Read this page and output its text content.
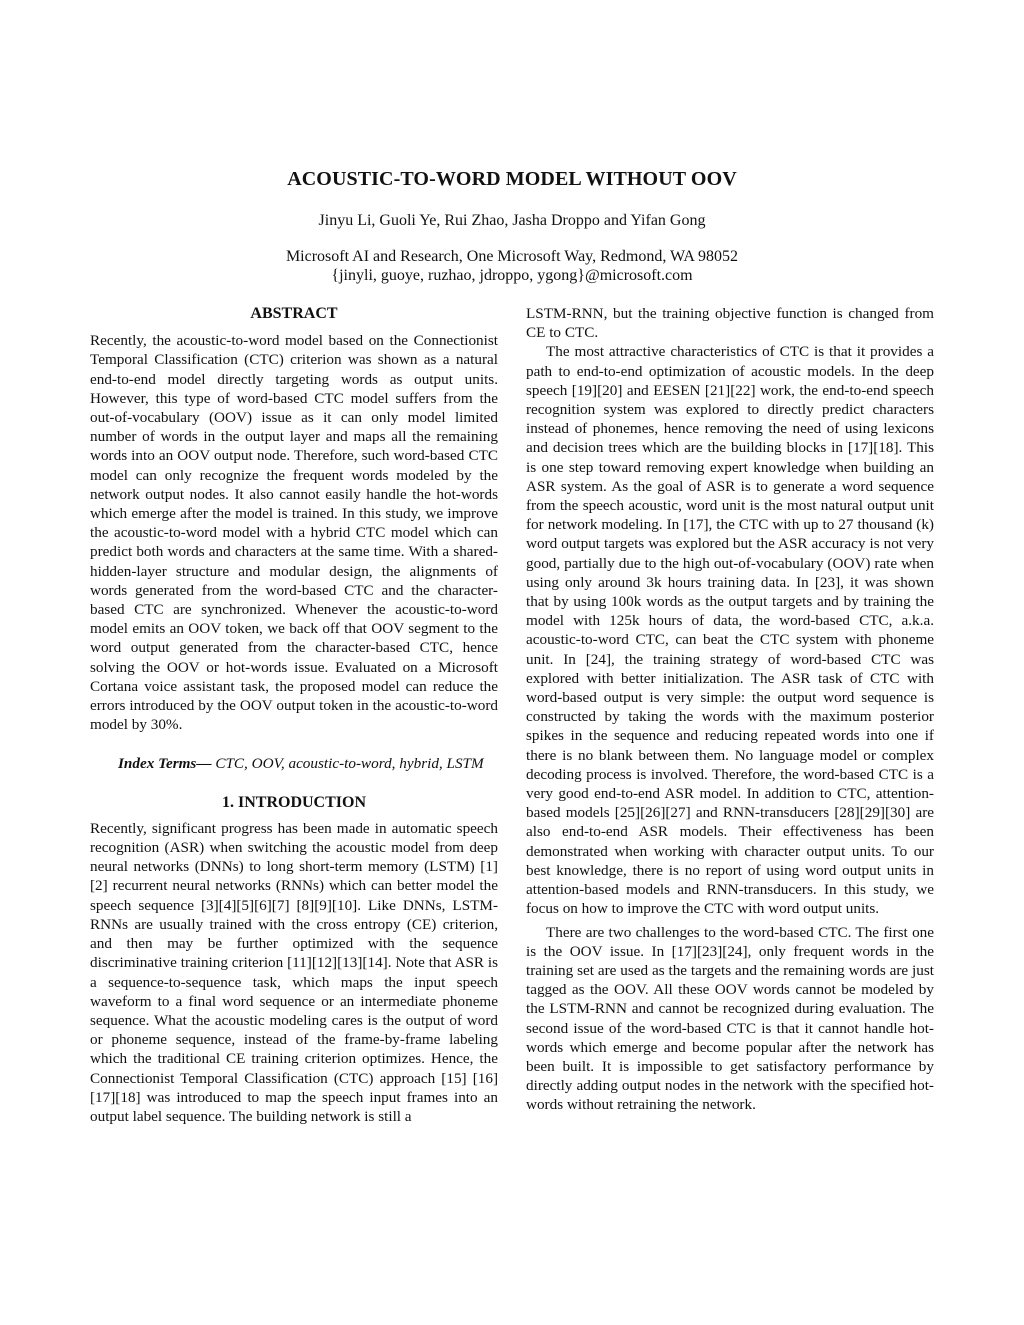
ACOUSTIC-TO-WORD MODEL WITHOUT OOV
Jinyu Li, Guoli Ye, Rui Zhao, Jasha Droppo and Yifan Gong
Microsoft AI and Research, One Microsoft Way, Redmond, WA 98052
{jinyli, guoye, ruzhao, jdroppo, ygong}@microsoft.com
ABSTRACT

Recently, the acoustic-to-word model based on the Connectionist Temporal Classification (CTC) criterion was shown as a natural end-to-end model directly targeting words as output units. However, this type of word-based CTC model suffers from the out-of-vocabulary (OOV) issue as it can only model limited number of words in the output layer and maps all the remaining words into an OOV output node. Therefore, such word-based CTC model can only recognize the frequent words modeled by the network output nodes. It also cannot easily handle the hot-words which emerge after the model is trained. In this study, we improve the acoustic-to-word model with a hybrid CTC model which can predict both words and characters at the same time. With a shared-hidden-layer structure and modular design, the alignments of words generated from the word-based CTC and the character-based CTC are synchronized. Whenever the acoustic-to-word model emits an OOV token, we back off that OOV segment to the word output generated from the character-based CTC, hence solving the OOV or hot-words issue. Evaluated on a Microsoft Cortana voice assistant task, the proposed model can reduce the errors introduced by the OOV output token in the acoustic-to-word model by 30%.

Index Terms— CTC, OOV, acoustic-to-word, hybrid, LSTM

1. INTRODUCTION

Recently, significant progress has been made in automatic speech recognition (ASR) when switching the acoustic model from deep neural networks (DNNs) to long short-term memory (LSTM) [1][2] recurrent neural networks (RNNs) which can better model the speech sequence [3][4][5][6][7] [8][9][10]. Like DNNs, LSTM-RNNs are usually trained with the cross entropy (CE) criterion, and then may be further optimized with the sequence discriminative training criterion [11][12][13][14]. Note that ASR is a sequence-to-sequence task, which maps the input speech waveform to a final word sequence or an intermediate phoneme sequence. What the acoustic modeling cares is the output of word or phoneme sequence, instead of the frame-by-frame labeling which the traditional CE training criterion optimizes. Hence, the Connectionist Temporal Classification (CTC) approach [15] [16][17][18] was introduced to map the speech input frames into an output label sequence. The building network is still a

LSTM-RNN, but the training objective function is changed from CE to CTC.

The most attractive characteristics of CTC is that it provides a path to end-to-end optimization of acoustic models. In the deep speech [19][20] and EESEN [21][22] work, the end-to-end speech recognition system was explored to directly predict characters instead of phonemes, hence removing the need of using lexicons and decision trees which are the building blocks in [17][18]. This is one step toward removing expert knowledge when building an ASR system. As the goal of ASR is to generate a word sequence from the speech acoustic, word unit is the most natural output unit for network modeling. In [17], the CTC with up to 27 thousand (k) word output targets was explored but the ASR accuracy is not very good, partially due to the high out-of-vocabulary (OOV) rate when using only around 3k hours training data. In [23], it was shown that by using 100k words as the output targets and by training the model with 125k hours of data, the word-based CTC, a.k.a. acoustic-to-word CTC, can beat the CTC system with phoneme unit. In [24], the training strategy of word-based CTC was explored with better initialization. The ASR task of CTC with word-based output is very simple: the output word sequence is constructed by taking the words with the maximum posterior spikes in the sequence and reducing repeated words into one if there is no blank between them. No language model or complex decoding process is involved. Therefore, the word-based CTC is a very good end-to-end ASR model. In addition to CTC, attention-based models [25][26][27] and RNN-transducers [28][29][30] are also end-to-end ASR models. Their effectiveness has been demonstrated when working with character output units. To our best knowledge, there is no report of using word output units in attention-based models and RNN-transducers. In this study, we focus on how to improve the CTC with word output units.

There are two challenges to the word-based CTC. The first one is the OOV issue. In [17][23][24], only frequent words in the training set are used as the targets and the remaining words are just tagged as the OOV. All these OOV words cannot be modeled by the LSTM-RNN and cannot be recognized during evaluation. The second issue of the word-based CTC is that it cannot handle hot-words which emerge and become popular after the network has been built. It is impossible to get satisfactory performance by directly adding output nodes in the network with the specified hot-words without retraining the network.
